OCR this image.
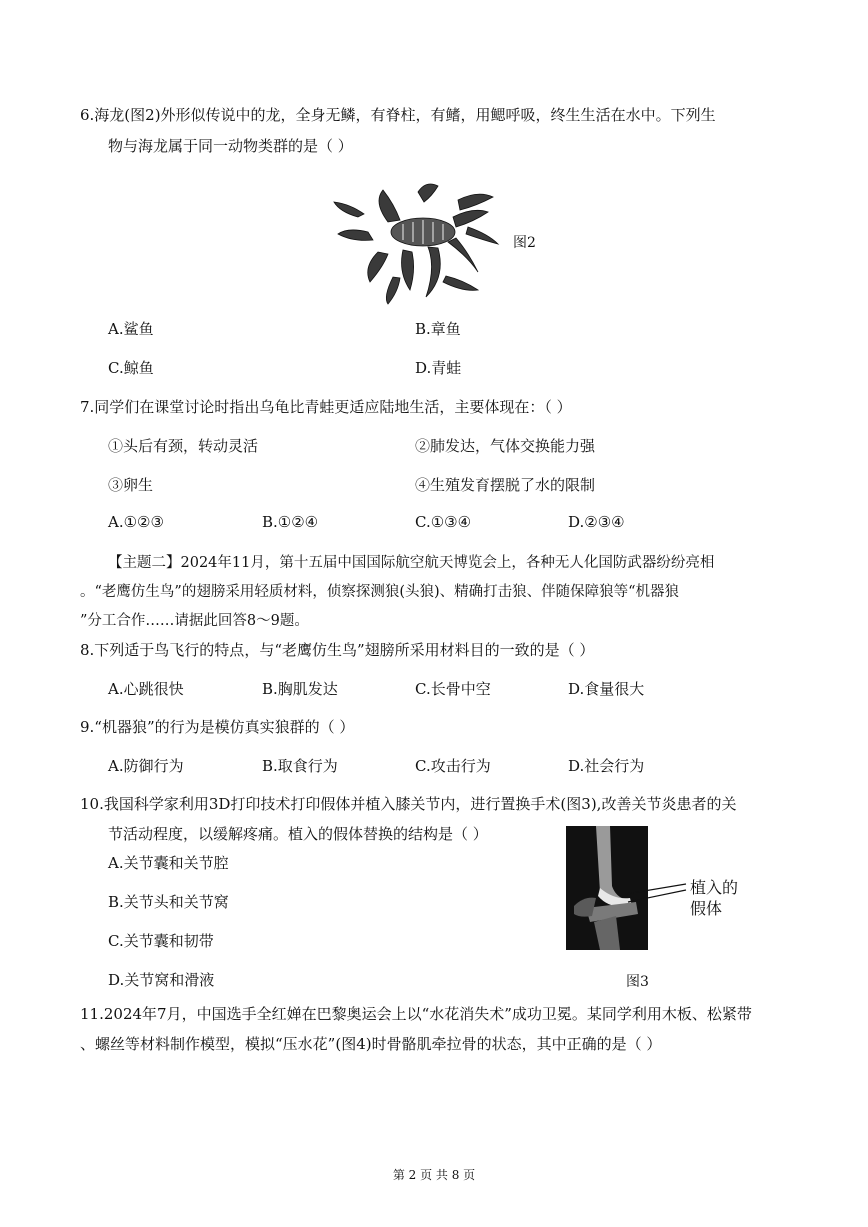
6.海龙(图2)外形似传说中的龙，全身无鳞，有脊柱，有鳍，用鳃呼吸，终生生活在水中。下列生
物与海龙属于同一动物类群的是（ ）
图2
A.鲨鱼	B.章鱼
C.鲸鱼	D.青蛙
7.同学们在课堂讨论时指出乌龟比青蛙更适应陆地生活，主要体现在：（ ）
①头后有颈，转动灵活	②肺发达，气体交换能力强
③卵生	④生殖发育摆脱了水的限制
A.①②③	B.①②④	C.①③④	D.②③④
【主题二】2024年11月，第十五届中国国际航空航天博览会上，各种无人化国防武器纷纷亮相
。“老鹰仿生鸟”的翅膀采用轻质材料，侦察探测狼(头狼)、精确打击狼、伴随保障狼等“机器狼
”分工合作……请据此回答8～9题。
8.下列适于鸟飞行的特点，与“老鹰仿生鸟”翅膀所采用材料目的一致的是（ ）
A.心跳很快	B.胸肌发达	C.长骨中空	D.食量很大
9.“机器狼”的行为是模仿真实狼群的（ ）
A.防御行为	B.取食行为	C.攻击行为	D.社会行为
10.我国科学家利用3D打印技术打印假体并植入膝关节内，进行置换手术(图3),改善关节炎患者的关
节活动程度，以缓解疼痛。植入的假体替换的结构是（ ）
A.关节囊和关节腔
B.关节头和关节窝
C.关节囊和韧带
D.关节窝和滑液
植入的
假体
图3
11.2024年7月，中国选手全红婵在巴黎奥运会上以“水花消失术”成功卫冕。某同学利用木板、松紧带
、螺丝等材料制作模型，模拟“压水花”(图4)时骨骼肌牵拉骨的状态，其中正确的是（ ）
第 2 页 共 8 页
